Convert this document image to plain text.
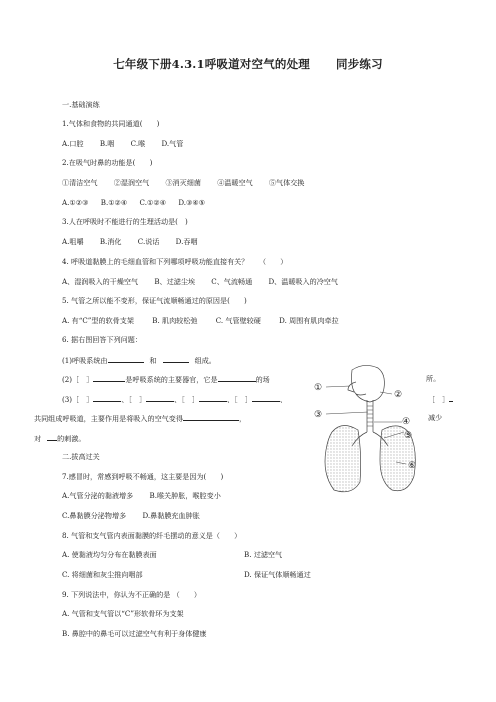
七年级下册4.3.1呼吸道对空气的处理 同步练习
一.基础演练
1.气体和食物的共同通道(　　)
A.口腔 B.咽 C.喉 D.气管
2.在吸气时鼻的功能是(　　)
①清洁空气 ②湿润空气 ③消灭细菌 ④温暖空气 ⑤气体交换
A.①②③ B.①②④ C.①②④ D.③④⑤
3.人在呼吸时不能进行的生理活动是(　)
A.咀嚼 B.消化 C.说话 D.吞咽
4. 呼吸道黏膜上的毛细血管和下列哪项呼吸功能直接有关？　　（　　）
A、湿润吸入的干燥空气 B、过滤尘埃 C、气流畅通 D、温暖吸入的冷空气
5. 气管之所以能不变形，保证气流顺畅通过的原因是(　　)
A. 有“C”型的软骨支架	B. 肌肉较松弛	C. 气管壁较硬	D. 周围有肌肉牵拉
6. 据右图回答下列问题：
(1)呼吸系统由	和	组成。
(2)［　］	是呼吸系统的主要器官，它是	的场	所。
(3)［　］	、［　］	、［　］	、［　］	、	［　］
共同组成呼吸道，主要作用是将吸入的空气变得	，	减少
对 的刺激。
①
②
③
④
⑤
⑥
二.拔高过关
7.感冒时，常感到呼吸不畅通，这主要是因为(　　)
A.气管分泌的黏液增多 B.喉关肿胀，喉腔变小
C.鼻黏膜分泌物增多 D.鼻黏膜充血肿胀
8. 气管和支气管内表面黏膜的纤毛摆动的意义是（　　）
A. 使黏液均匀分布在黏膜表面	B. 过滤空气
C. 将细菌和灰尘推向咽部	D. 保证气体顺畅通过
9. 下列说法中，你认为不正确的是 （　　）
A. 气管和支气管以“C”形软骨环为支架
B. 鼻腔中的鼻毛可以过滤空气有利于身体健康
